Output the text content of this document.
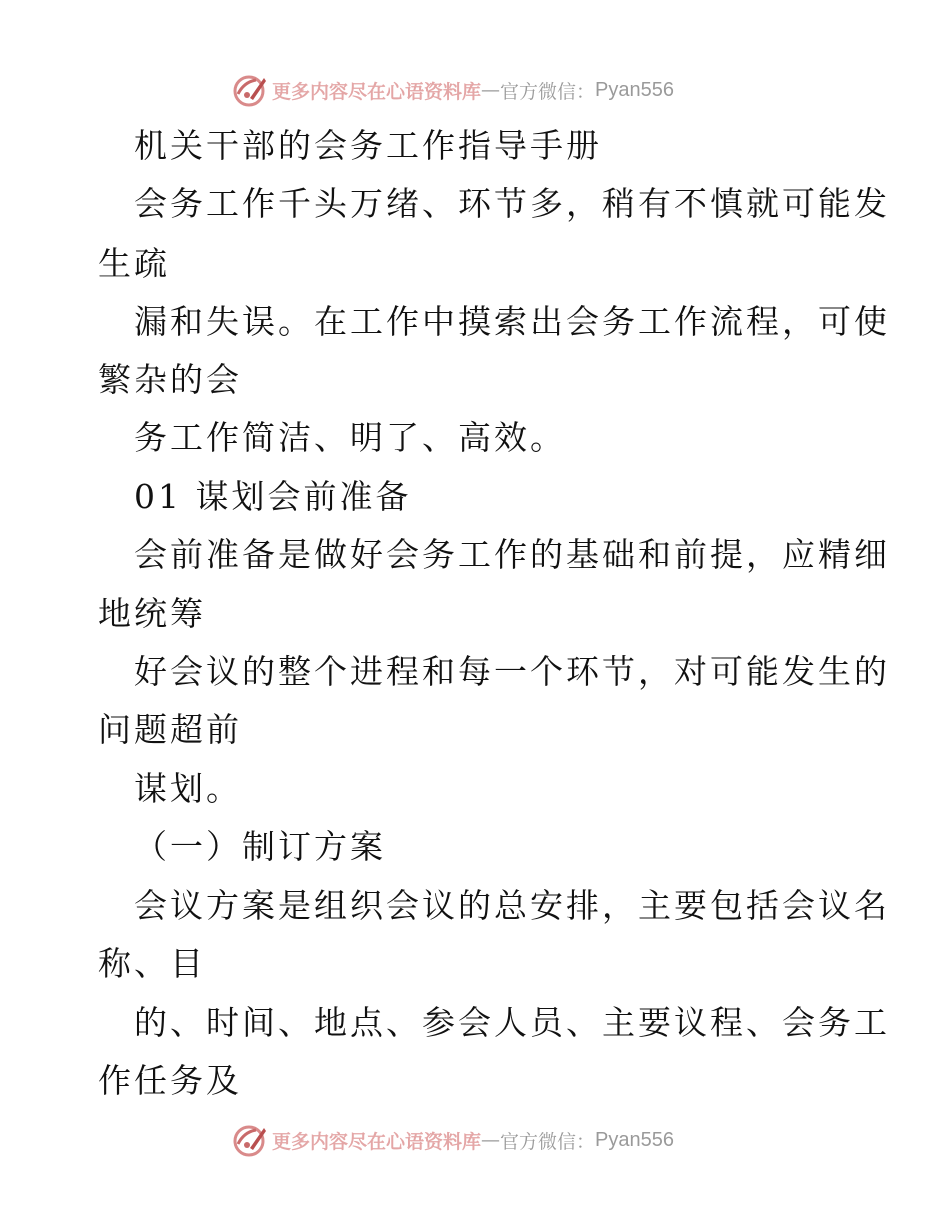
更多内容尽在心语资料库 — 官方微信： Pyan556
机关干部的会务工作指导手册
会务工作千头万绪、环节多，稍有不慎就可能发
生疏
漏和失误。在工作中摸索出会务工作流程，可使
繁杂的会
务工作简洁、明了、高效。
01 谋划会前准备
会前准备是做好会务工作的基础和前提，应精细
地统筹
好会议的整个进程和每一个环节，对可能发生的
问题超前
谋划。
（一）制订方案
会议方案是组织会议的总安排，主要包括会议名
称、目
的、时间、地点、参会人员、主要议程、会务工
作任务及
更多内容尽在心语资料库 — 官方微信： Pyan556
